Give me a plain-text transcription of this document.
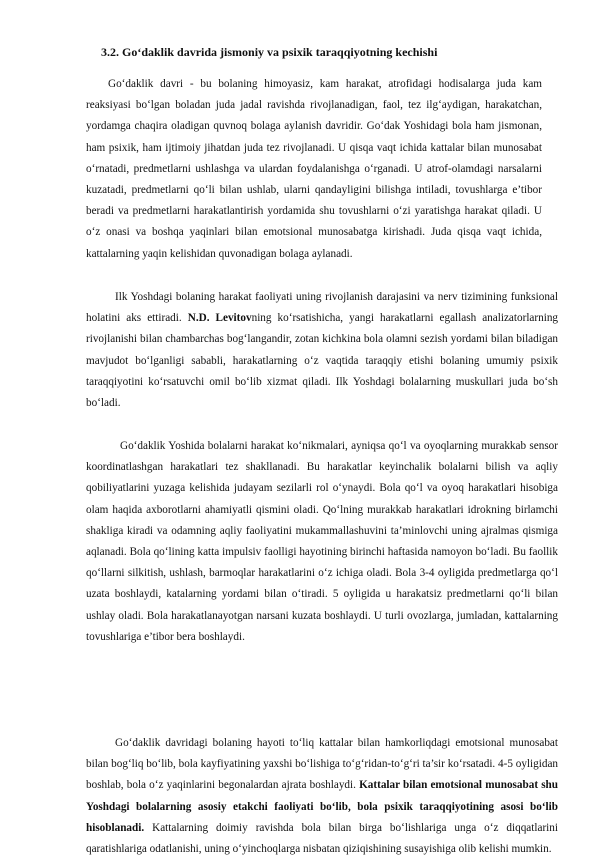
3.2. Go‘daklik davrida jismoniy va psixik taraqqiyotning kechishi

Go‘daklik davri - bu bolaning himoyasiz, kam harakat, atrofidagi hodisalarga juda kam reaksiyasi bo‘lgan boladan juda jadal ravishda rivojlanadigan, faol, tez ilg‘aydigan, harakatchan, yordamga chaqira oladigan quvnoq bolaga aylanish davridir. Go‘dak Yoshidagi bola ham jismonan, ham psixik, ham ijtimoiy jihatdan juda tez rivojlanadi. U qisqa vaqt ichida kattalar bilan munosabat o‘rnatadi, predmetlarni ushlashga va ulardan foydalanishga o‘rganadi. U atrof-olamdagi narsalarni kuzatadi, predmetlarni qo‘li bilan ushlab, ularni qandayligini bilishga intiladi, tovushlarga e’tibor beradi va predmetlarni harakatlantirish yordamida shu tovushlarni o‘zi yaratishga harakat qiladi. U o‘z onasi va boshqa yaqinlari bilan emotsional munosabatga kirishadi. Juda qisqa vaqt ichida, kattalarning yaqin kelishidan quvonadigan bolaga aylanadi.

Ilk Yoshdagi bolaning harakat faoliyati uning rivojlanish darajasini va nerv tizimining funksional holatini aks ettiradi. N.D. Levitovning ko‘rsatishicha, yangi harakatlarni egallash analizatorlarning rivojlanishi bilan chambarchas bog‘langandir, zotan kichkina bola olamni sezish yordami bilan biladigan mavjudot bo‘lganligi sababli, harakatlarning o‘z vaqtida taraqqiy etishi bolaning umumiy psixik taraqqiyotini ko‘rsatuvchi omil bo‘lib xizmat qiladi. Ilk Yoshdagi bolalarning muskullari juda bo‘sh bo‘ladi.

Go‘daklik Yoshida bolalarni harakat ko‘nikmalari, ayniqsa qo‘l va oyoqlarning murakkab sensor koordinatlashgan harakatlari tez shakllanadi. Bu harakatlar keyinchalik bolalarni bilish va aqliy qobiliyatlarini yuzaga kelishida judayam sezilarli rol o‘ynaydi. Bola qo‘l va oyoq harakatlari hisobiga olam haqida axborotlarni ahamiyatli qismini oladi. Qo‘lning murakkab harakatlari idrokning birlamchi shakliga kiradi va odamning aqliy faoliyatini mukammallashuvini ta’minlovchi uning ajralmas qismiga aqlanadi. Bola qo‘lining katta impulsiv faolligi hayotining birinchi haftasida namoyon bo‘ladi. Bu faollik qo‘llarni silkitish, ushlash, barmoqlar harakatlarini o‘z ichiga oladi. Bola 3-4 oyligida predmetlarga qo‘l uzata boshlaydi, katalarning yordami bilan o‘tiradi. 5 oyligida u harakatsiz predmetlarni qo‘li bilan ushlay oladi. Bola harakatlanayotgan narsani kuzata boshlaydi. U turli ovozlarga, jumladan, kattalarning tovushlariga e’tibor bera boshlaydi.

Go‘daklik davridagi bolaning hayoti to‘liq kattalar bilan hamkorliqdagi emotsional munosabat bilan bog‘liq bo‘lib, bola kayfiyatining yaxshi bo‘lishiga to‘g‘ridan-to‘g‘ri ta’sir ko‘rsatadi. 4-5 oyligidan boshlab, bola o‘z yaqinlarini begonalardan ajrata boshlaydi. Kattalar bilan emotsional munosabat shu Yoshdagi bolalarning asosiy etakchi faoliyati bo‘lib, bola psixik taraqqiyotining asosi bo‘lib hisoblanadi. Kattalarning doimiy ravishda bola bilan birga bo‘lishlariga unga o‘z diqqatlarini qaratishlariga odatlanishi, uning o‘yinchoqlarga nisbatan qiziqishining susayishiga olib kelishi mumkin.
